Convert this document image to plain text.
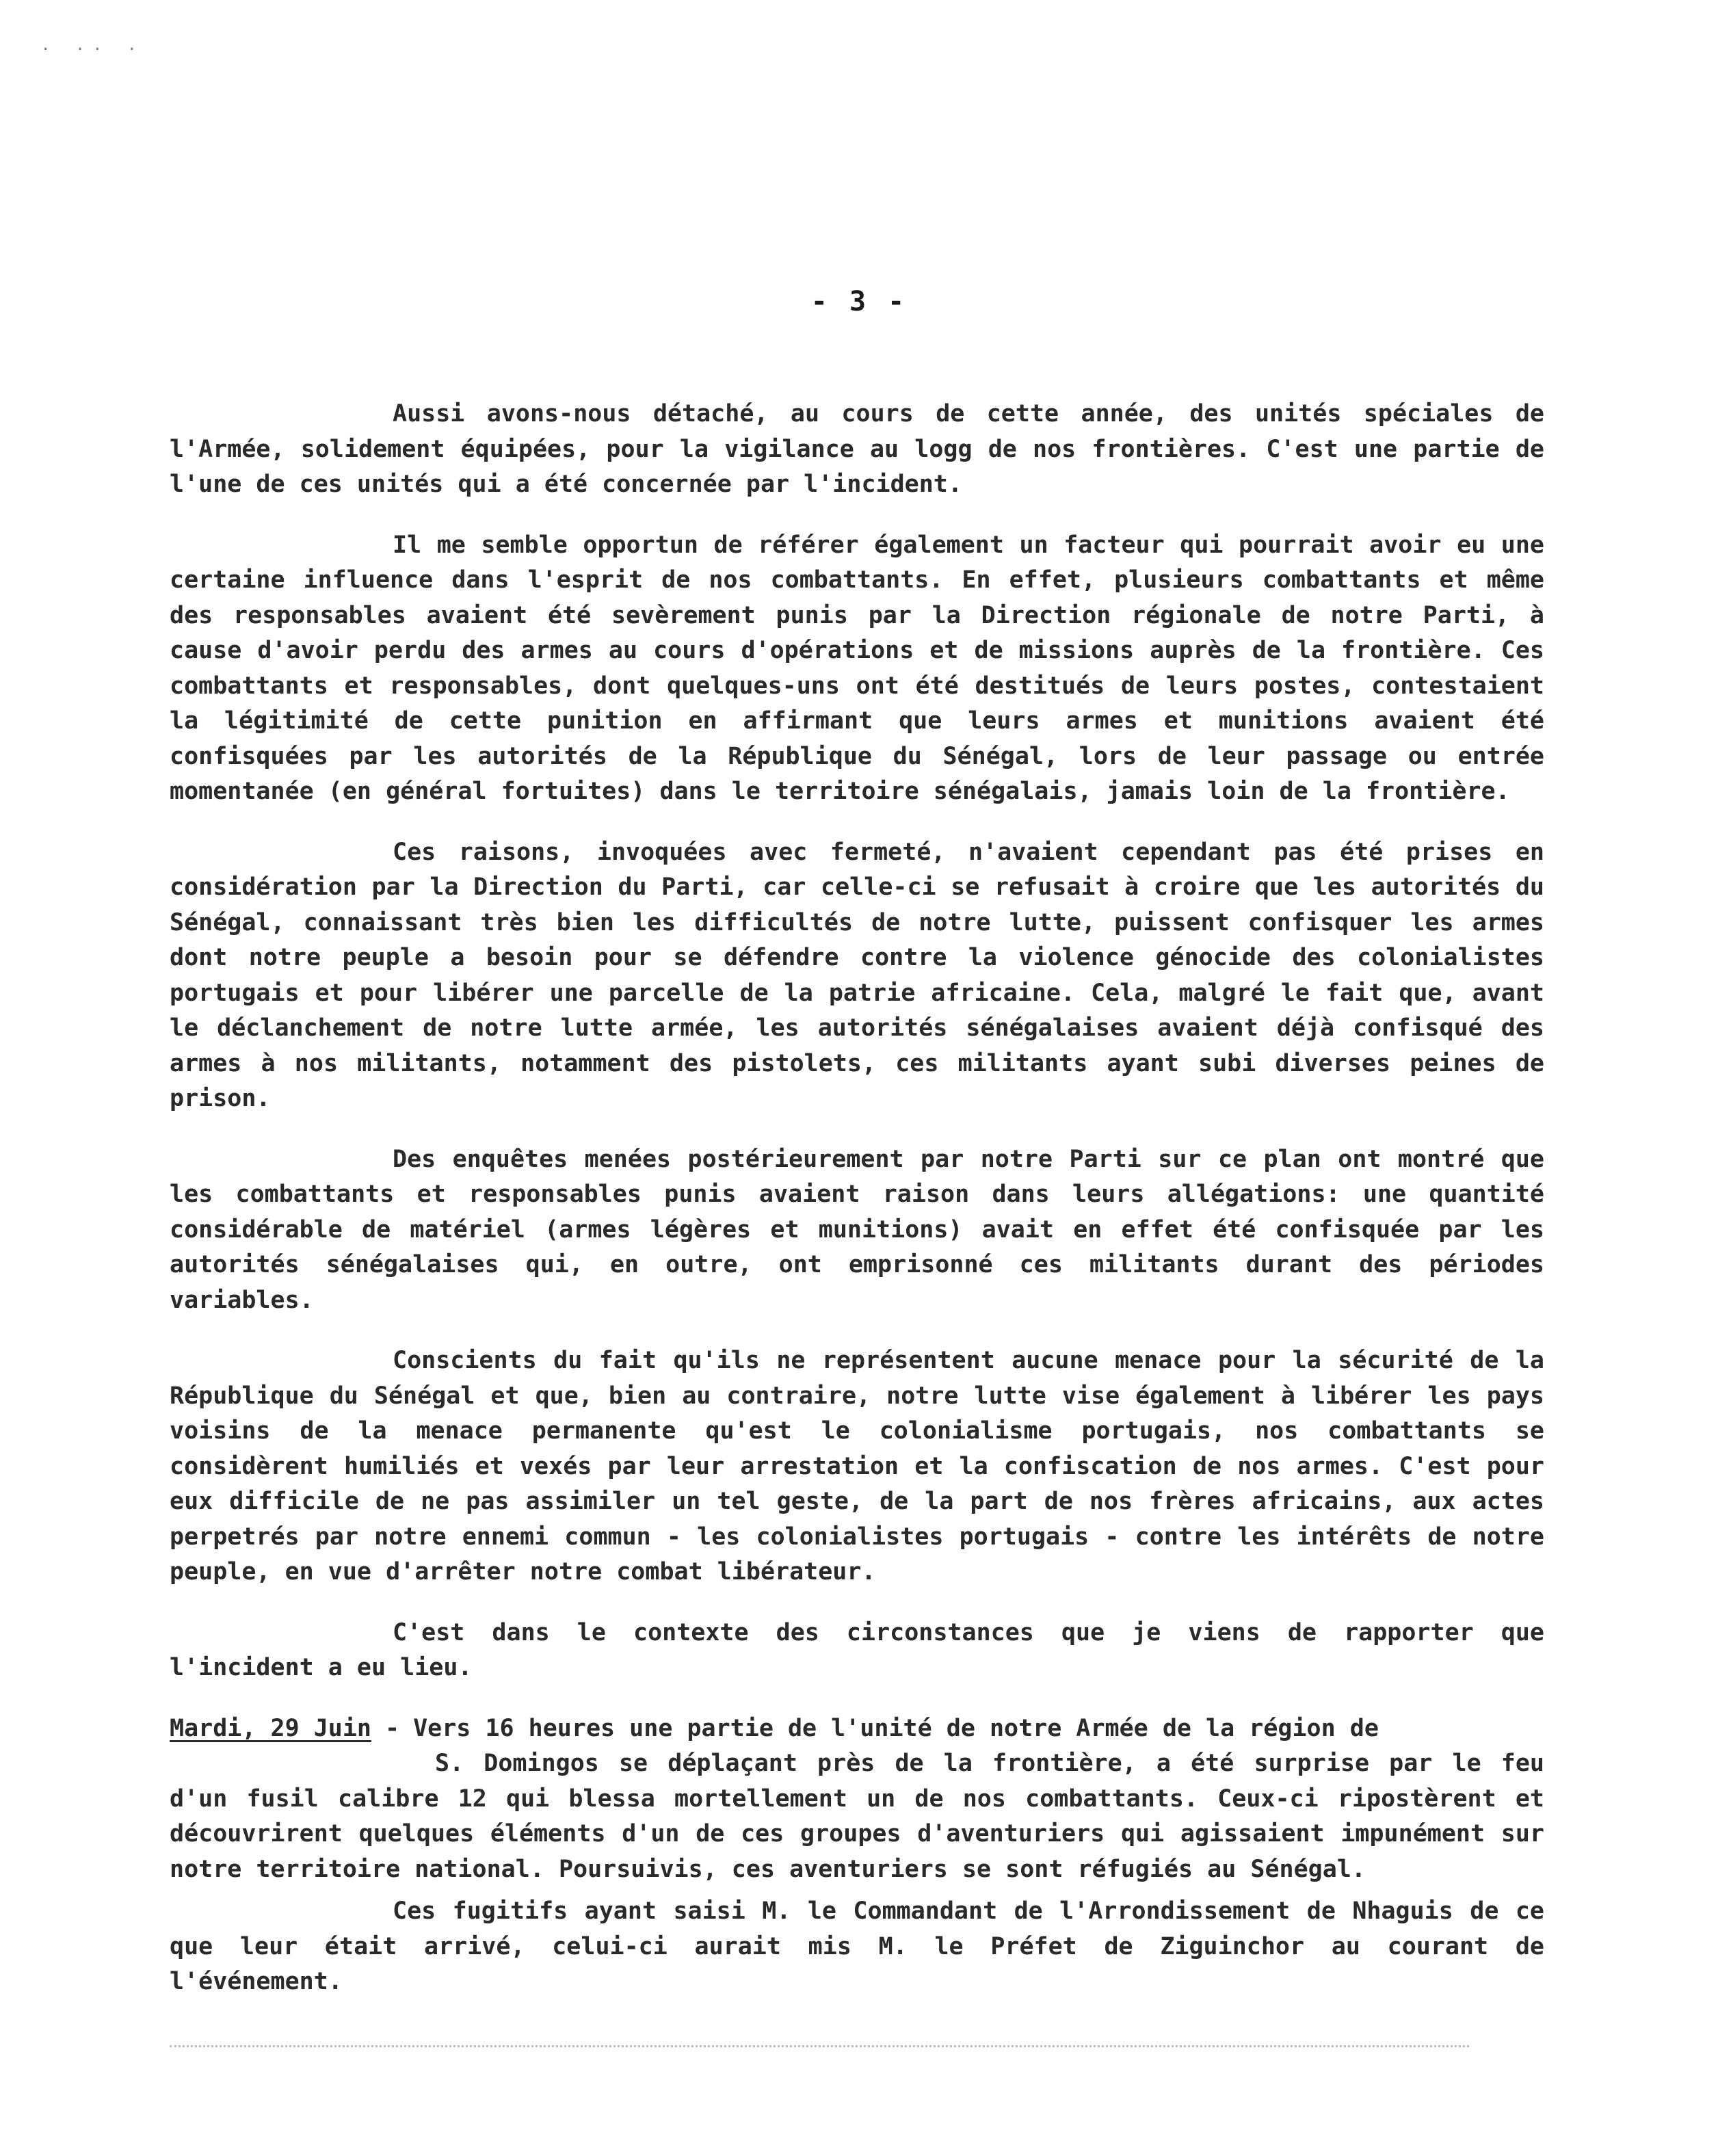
· ·· ·
- 3 -

Aussi avons-nous détaché, au cours de cette année, des unités spéciales de l'Armée, solidement équipées, pour la vigilance au logg de nos frontières. C'est une partie de l'une de ces unités qui a été concernée par l'incident.

Il me semble opportun de référer également un facteur qui pourrait avoir eu une certaine influence dans l'esprit de nos combattants. En effet, plusieurs combattants et même des responsables avaient été sevèrement punis par la Direction régionale de notre Parti, à cause d'avoir perdu des armes au cours d'opérations et de missions auprès de la frontière. Ces combattants et responsables, dont quelques-uns ont été destitués de leurs postes, contestaient la légitimité de cette punition en affirmant que leurs armes et munitions avaient été confisquées par les autorités de la République du Sénégal, lors de leur passage ou entrée momentanée (en général fortuites) dans le territoire sénégalais, jamais loin de la frontière.

Ces raisons, invoquées avec fermeté, n'avaient cependant pas été prises en considération par la Direction du Parti, car celle-ci se refusait à croire que les autorités du Sénégal, connaissant très bien les difficultés de notre lutte, puissent confisquer les armes dont notre peuple a besoin pour se défendre contre la violence génocide des colonialistes portugais et pour libérer une parcelle de la patrie africaine. Cela, malgré le fait que, avant le déclanchement de notre lutte armée, les autorités sénégalaises avaient déjà confisqué des armes à nos militants, notamment des pistolets, ces militants ayant subi diverses peines de prison.

Des enquêtes menées postérieurement par notre Parti sur ce plan ont montré que les combattants et responsables punis avaient raison dans leurs allégations: une quantité considérable de matériel (armes légères et munitions) avait en effet été confisquée par les autorités sénégalaises qui, en outre, ont emprisonné ces militants durant des périodes variables.

Conscients du fait qu'ils ne représentent aucune menace pour la sécurité de la République du Sénégal et que, bien au contraire, notre lutte vise également à libérer les pays voisins de la menace permanente qu'est le colonialisme portugais, nos combattants se considèrent humiliés et vexés par leur arrestation et la confiscation de nos armes. C'est pour eux difficile de ne pas assimiler un tel geste, de la part de nos frères africains, aux actes perpetrés par notre ennemi commun - les colonialistes portugais - contre les intérêts de notre peuple, en vue d'arrêter notre combat libérateur.

C'est dans le contexte des circonstances que je viens de rapporter que l'incident a eu lieu.

Mardi, 29 Juin - Vers 16 heures une partie de l'unité de notre Armée de la région de
S. Domingos se déplaçant près de la frontière, a été surprise par le feu d'un fusil calibre 12 qui blessa mortellement un de nos combattants. Ceux-ci ripostèrent et découvrirent quelques éléments d'un de ces groupes d'aventuriers qui agissaient impunément sur notre territoire national. Poursuivis, ces aventuriers se sont réfugiés au Sénégal.

Ces fugitifs ayant saisi M. le Commandant de l'Arrondissement de Nhaguis de ce que leur était arrivé, celui-ci aurait mis M. le Préfet de Ziguinchor au courant de l'événement.
